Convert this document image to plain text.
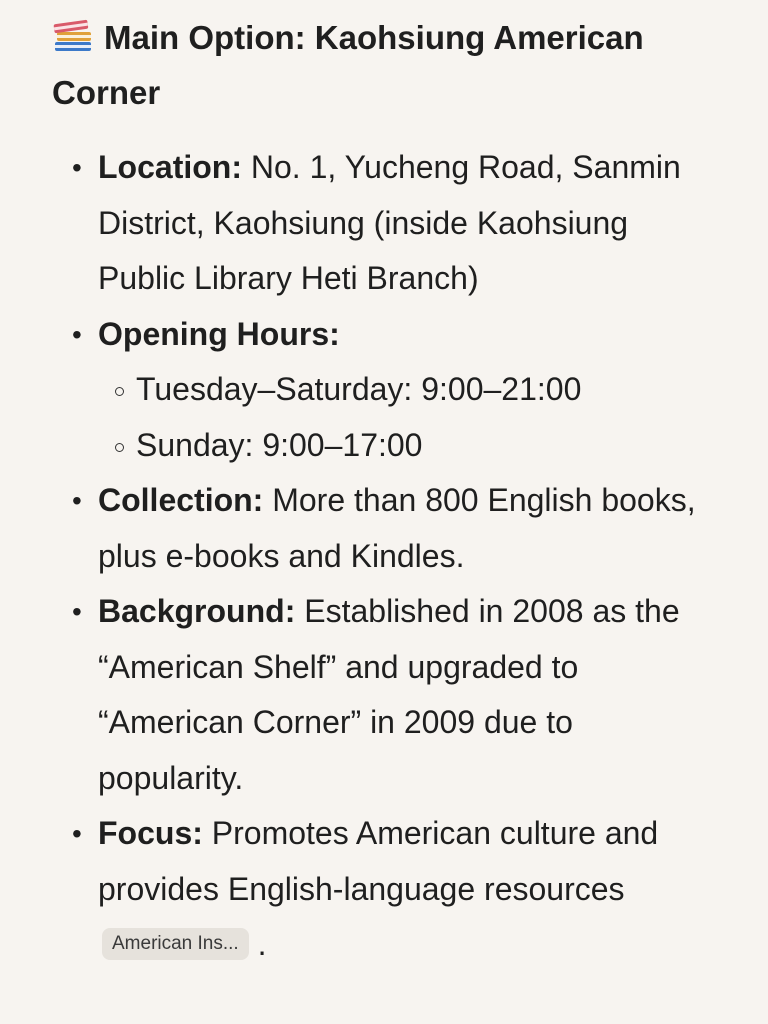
Main Option: Kaohsiung American Corner
• Location: No. 1, Yucheng Road, Sanmin District, Kaohsiung (inside Kaohsiung Public Library Heti Branch)
• Opening Hours:
Tuesday–Saturday: 9:00–21:00
Sunday: 9:00–17:00
• Collection: More than 800 English books, plus e-books and Kindles.
• Background: Established in 2008 as the “American Shelf” and upgraded to “American Corner” in 2009 due to popularity.
• Focus: Promotes American culture and provides English-language resources American Ins... .
